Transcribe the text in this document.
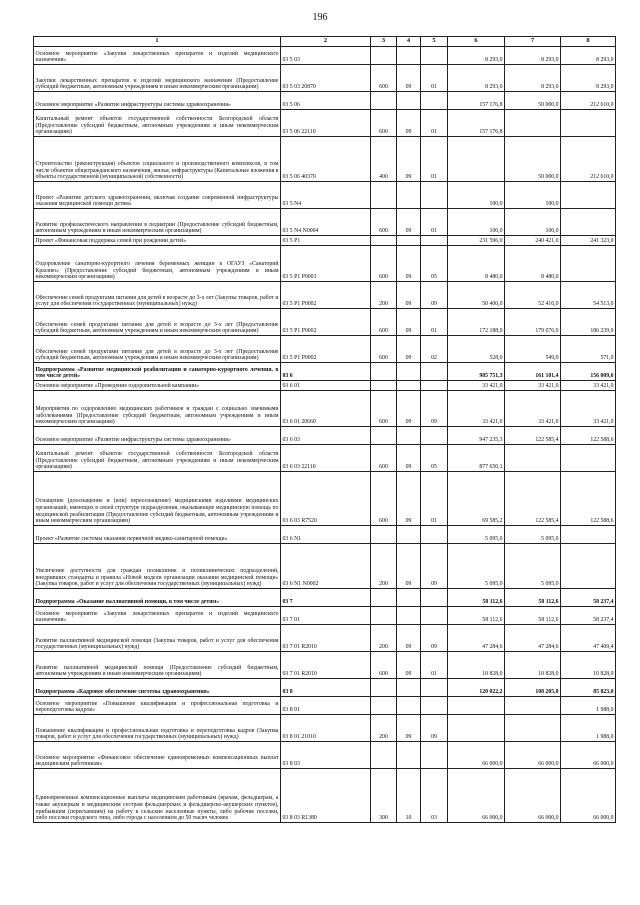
196
1	2	3	4	5	6	7	8
Основное мероприятие «Закупки лекарственных препаратов и изделий медицинского назначения»	03 5 03				8 293,0	8 293,0	8 293,0
Закупки лекарственных препаратов и изделий медицинского назначения (Предоставление субсидий бюджетным, автономным учреждениям и иным некоммерческим организациям)	03 5 03 20870	600	09	01	8 293,0	8 293,0	8 293,0
Основное мероприятие «Развитие инфраструктуры системы здравоохранения»	03 5 06				157 176,8	50 000,0	212 610,0
Капитальный ремонт объектов государственной собственности Белгородской области (Предоставление субсидий бюджетным, автономным учреждениям и иным некоммерческим организациям)	03 5 06 22110	600	09	01	157 176,8		
Строительство (реконструкция) объектов социального и производственного комплексов, в том числе объектов общегражданского назначения, жилья, инфраструктуры (Капитальные вложения в объекты государственной (муниципальной) собственности)	03 5 06 40370	400	09	01		50 000,0	212 610,0
Проект «Развитие детского здравоохранения, включая создание современной инфраструктуры оказания медицинской помощи детям»	03 5 N4				100,0	100,0	
Развитие профилактического направления в педиатрии (Предоставление субсидий бюджетным, автономным учреждениям и иным некоммерческим организациям)	03 5 N4 N0004	600	09	01	100,0	100,0	
Проект «Финансовая поддержка семей при рождении детей»	03 5 P1				231 596,0	240 421,0	241 323,0
Оздоровление санаторно-курортного лечения беременных женщин в ОГАУЗ «Санаторий Красиво» (Предоставление субсидий бюджетным, автономным учреждениям и иным некоммерческим организациям)	03 5 P1 P0001	600	09	05	8 480,0	8 480,0	
Обеспечение семей продуктами питания для детей в возрасте до 3-х лет (Закупка товаров, работ и услуг для обеспечения государственных (муниципальных) нужд)	03 5 P1 P0002	200	09	09	50 400,0	52 416,0	54 513,0
Обеспечение семей продуктами питания для детей в возрасте до 3-х лет (Предоставление субсидий бюджетным, автономным учреждениям и иным некоммерческим организациям)	03 5 P1 P0002	600	09	01	172 188,0	179 076,0	186 239,0
Обеспечение семей продуктами питания для детей в возрасте до 3-х лет (Предоставление субсидий бюджетным, автономным учреждениям и иным некоммерческим организациям)	03 5 P1 P0002	600	09	02	528,0	549,0	571,0
Подпрограмма «Развитие медицинской реабилитации и санаторно-курортного лечения, в том числе детей»	03 6				985 751,3	161 101,4	156 009,6
Основное мероприятие «Проведение оздоровительной кампании»	03 6 01				33 421,0	33 421,0	33 421,0
Мероприятия по оздоровлению медицинских работников и граждан с социально значимыми заболеваниями (Предоставление субсидий бюджетным, автономным учреждениям и иным некоммерческим организациям)	03 6 01 20660	600	09	09	33 421,0	33 421,0	33 421,0
Основное мероприятие «Развитие инфраструктуры системы здравоохранения»	03 6 03				947 235,3	122 585,4	122 588,6
Капитальный ремонт объектов государственной собственности Белгородской области (Предоставление субсидий бюджетным, автономным учреждениям и иным некоммерческим организациям)	03 6 03 22110	600	09	05	877 650,1		
Оснащение (дооснащение и (или) переоснащение) медицинскими изделиями медицинских организаций, имеющих в своей структуре подразделения, оказывающие медицинскую помощь по медицинской реабилитации (Предоставление субсидий бюджетным, автономным учреждениям и иным некоммерческим организациям)	03 6 03 R7520	600	09	01	69 585,2	122 585,4	122 588,6
Проект «Развитие системы оказания первичной медико-санитарной помощи»	03 6 N1				5 095,0	5 095,0	
Увеличение доступности для граждан поликлиник и поликлинических подразделений, внедривших стандарты и правила «Новой модели организации оказания медицинской помощи» (Закупка товаров, работ и услуг для обеспечения государственных (муниципальных) нужд)	03 6 N1 N0002	200	09	09	5 095,0	5 095,0	
Подпрограмма «Оказание паллиативной помощи, в том числе детям»	03 7				58 112,6	58 112,6	58 237,4
Основное мероприятие «Закупки лекарственных препаратов и изделий медицинского назначения»	03 7 01				58 112,6	58 112,6	58 237,4
Развитие паллиативной медицинской помощи (Закупка товаров, работ и услуг для обеспечения государственных (муниципальных) нужд)	03 7 01 R2010	200	09	09	47 284,6	47 284,6	47 409,4
Развитие паллиативной медицинской помощи (Предоставление субсидий бюджетным, автономным учреждениям и иным некоммерческим организациям)	03 7 01 R2010	600	09	01	10 828,0	10 828,0	10 828,0
Подпрограмма «Кадровое обеспечение системы здравоохранения»	03 8				120 022,2	108 205,0	85 823,0
Основное мероприятие «Повышение квалификации и профессиональная подготовка и переподготовка кадров»	03 8 01						1 988,0
Повышение квалификации и профессиональная подготовка и переподготовка кадров (Закупка товаров, работ и услуг для обеспечения государственных (муниципальных) нужд)	03 8 01 21010	200	09	09			1 988,0
Основное мероприятие «Финансовое обеспечение единовременных компенсационных выплат медицинским работникам»	03 8 03				66 000,0	66 000,0	66 000,0
Единовременные компенсационные выплаты медицинским работникам (врачам, фельдшерам, а также акушеркам и медицинским сестрам фельдшерских и фельдшерско-акушерских пунктов), прибывшим (переехавшим) на работу в сельские населенные пункты, либо рабочие поселки, либо поселки городского типа, либо города с населением до 50 тысяч человек	03 8 03 R1380	300	10	03	66 000,0	66 000,0	66 000,0
